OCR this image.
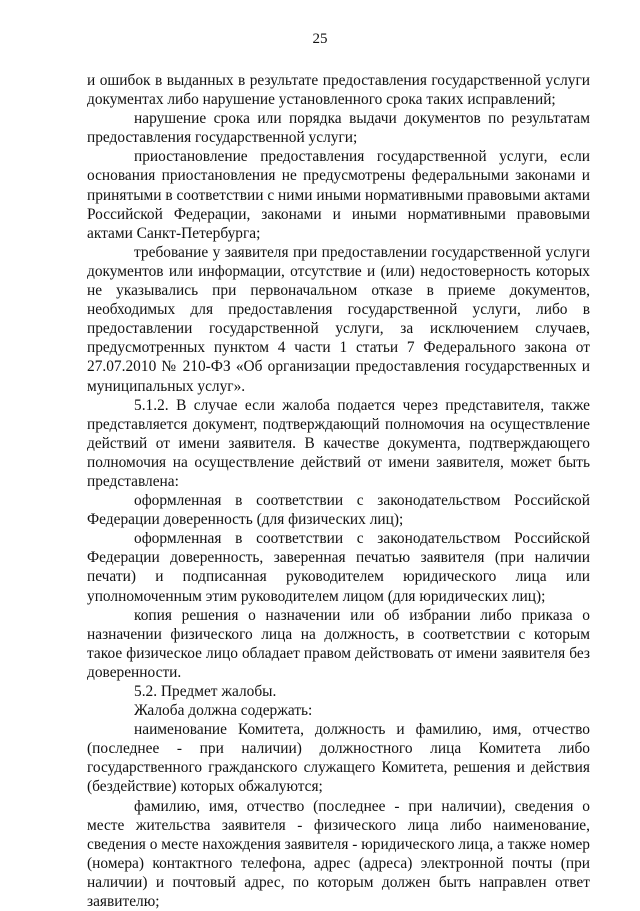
25

и ошибок в выданных в результате предоставления государственной услуги документах либо нарушение установленного срока таких исправлений;

нарушение срока или порядка выдачи документов по результатам предоставления государственной услуги;

приостановление предоставления государственной услуги, если основания приостановления не предусмотрены федеральными законами и принятыми в соответствии с ними иными нормативными правовыми актами Российской Федерации, законами и иными нормативными правовыми актами Санкт-Петербурга;

требование у заявителя при предоставлении государственной услуги документов или информации, отсутствие и (или) недостоверность которых не указывались при первоначальном отказе в приеме документов, необходимых для предоставления государственной услуги, либо в предоставлении государственной услуги, за исключением случаев, предусмотренных пунктом 4 части 1 статьи 7 Федерального закона от 27.07.2010 № 210-ФЗ «Об организации предоставления государственных и муниципальных услуг».

5.1.2. В случае если жалоба подается через представителя, также представляется документ, подтверждающий полномочия на осуществление действий от имени заявителя. В качестве документа, подтверждающего полномочия на осуществление действий от имени заявителя, может быть представлена:

оформленная в соответствии с законодательством Российской Федерации доверенность (для физических лиц);

оформленная в соответствии с законодательством Российской Федерации доверенность, заверенная печатью заявителя (при наличии печати) и подписанная руководителем юридического лица или уполномоченным этим руководителем лицом (для юридических лиц);

копия решения о назначении или об избрании либо приказа о назначении физического лица на должность, в соответствии с которым такое физическое лицо обладает правом действовать от имени заявителя без доверенности.

5.2. Предмет жалобы.

Жалоба должна содержать:

наименование Комитета, должность и фамилию, имя, отчество (последнее - при наличии) должностного лица Комитета либо государственного гражданского служащего Комитета, решения и действия (бездействие) которых обжалуются;

фамилию, имя, отчество (последнее - при наличии), сведения о месте жительства заявителя - физического лица либо наименование, сведения о месте нахождения заявителя - юридического лица, а также номер (номера) контактного телефона, адрес (адреса) электронной почты (при наличии) и почтовый адрес, по которым должен быть направлен ответ заявителю;
